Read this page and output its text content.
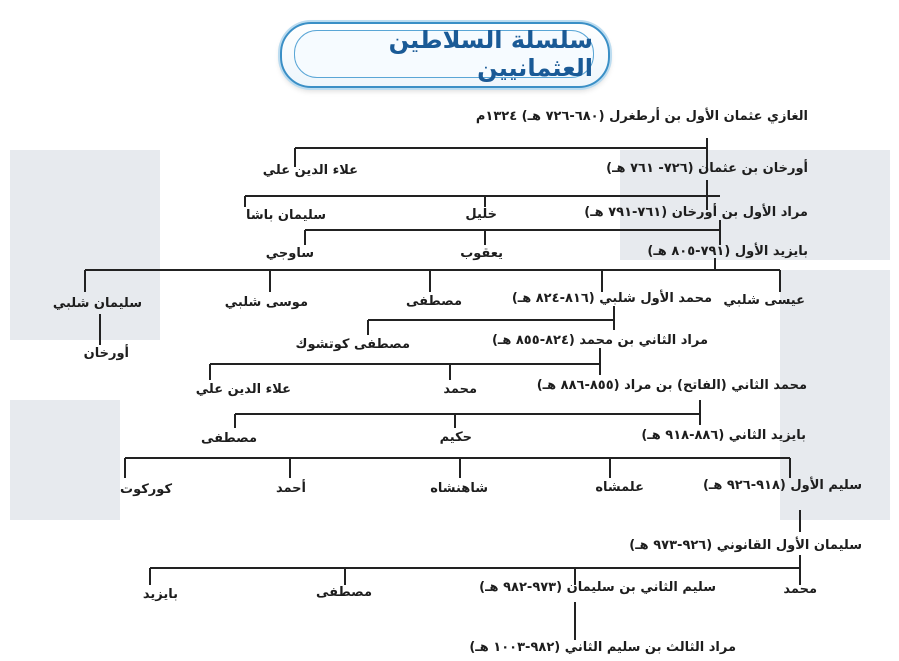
سلسلة السلاطين العثمانيين
الغازي عثمان الأول بن أرطغرل (٦٨٠-٧٢٦ هـ) ١٣٢٤م
أورخان بن عثمان (٧٢٦- ٧٦١ هـ)
علاء الدين علي
مراد الأول بن أورخان (٧٦١-٧٩١ هـ)
خليل
سليمان باشا
بايزيد الأول (٧٩١-٨٠٥ هـ)
يعقوب
ساوجي
عيسى شلبي
محمد الأول شلبي (٨١٦-٨٢٤ هـ)
مصطفى
موسى شلبي
سليمان شلبي
أورخان
مراد الثاني بن محمد (٨٢٤-٨٥٥ هـ)
مصطفى كوتشوك
محمد الثاني (الفاتح) بن مراد (٨٥٥-٨٨٦ هـ)
محمد
علاء الدين علي
بايزيد الثاني (٨٨٦-٩١٨ هـ)
حكيم
مصطفى
سليم الأول (٩١٨-٩٢٦ هـ)
علمشاه
شاهنشاه
أحمد
كوركوت
سليمان الأول القانوني (٩٢٦-٩٧٣ هـ)
محمد
سليم الثاني بن سليمان (٩٧٣-٩٨٢ هـ)
مصطفى
بايزيد
مراد الثالث بن سليم الثاني (٩٨٢-١٠٠٣ هـ)
